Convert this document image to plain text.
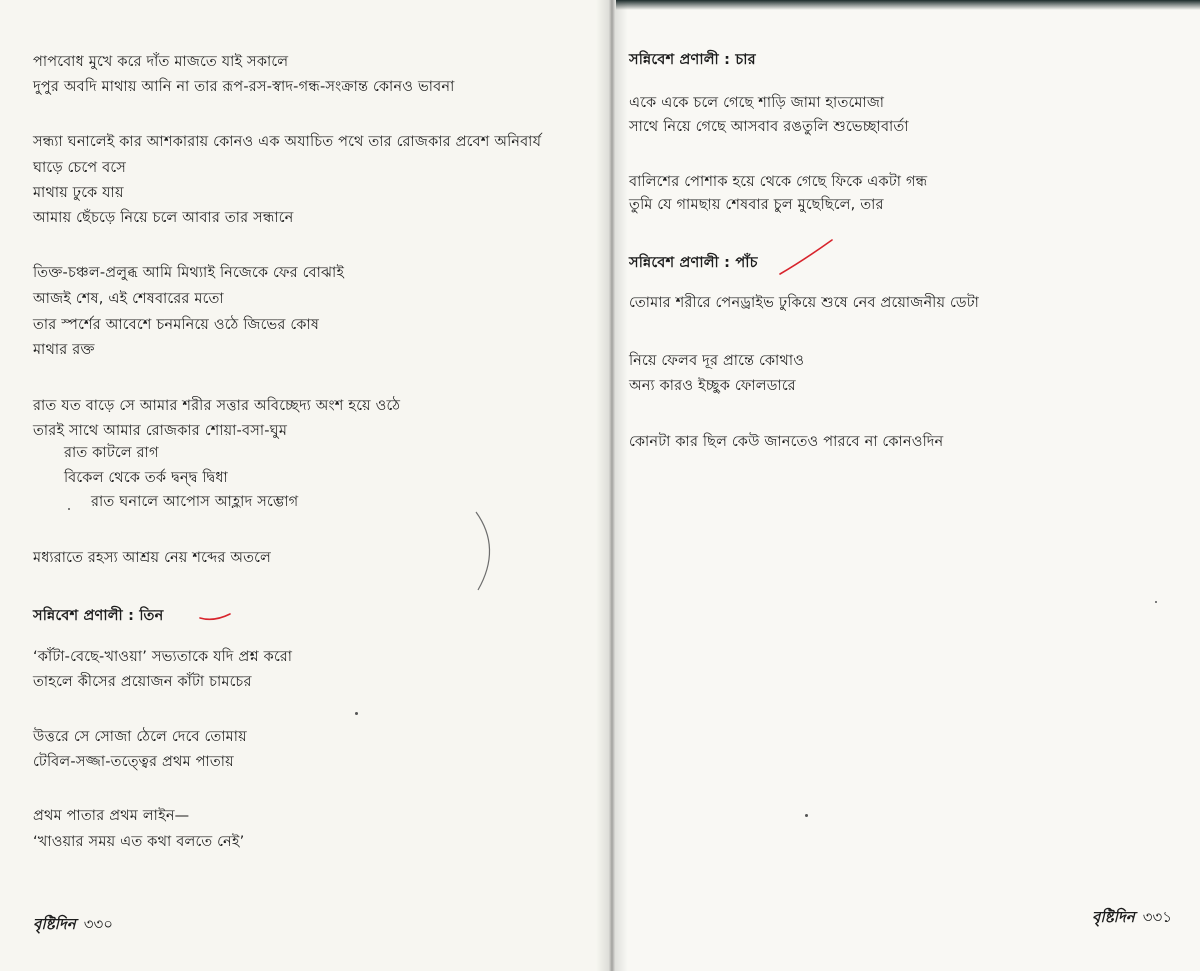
পাপবোধ মুখে করে দাঁত মাজতে যাই সকালে
দুপুর অবদি মাথায় আনি না তার রূপ-রস-স্বাদ-গন্ধ-সংক্রান্ত কোনও ভাবনা
সন্ধ্যা ঘনালেই কার আশকারায় কোনও এক অযাচিত পথে তার রোজকার প্রবেশ অনিবার্য
ঘাড়ে চেপে বসে
মাথায় ঢুকে যায়
আমায় ছেঁচড়ে নিয়ে চলে আবার তার সন্ধানে
তিক্ত-চঞ্চল-প্রলুব্ধ আমি মিথ্যাই নিজেকে ফের বোঝাই
আজই শেষ, এই শেষবারের মতো
তার স্পর্শের আবেশে চনমনিয়ে ওঠে জিভের কোষ
মাথার রক্ত
রাত যত বাড়ে সে আমার শরীর সত্তার অবিচ্ছেদ্য অংশ হয়ে ওঠে
তারই সাথে আমার রোজকার শোয়া-বসা-ঘুম
রাত কাটলে রাগ
বিকেল থেকে তর্ক দ্বন্দ্ব দ্বিধা
রাত ঘনালে আপোস আহ্লাদ সম্ভোগ
মধ্যরাতে রহস্য আশ্রয় নেয় শব্দের অতলে
সন্নিবেশ প্রণালী : তিন
‘কাঁটা-বেছে-খাওয়া’ সভ্যতাকে যদি প্রশ্ন করো
তাহলে কীসের প্রয়োজন কাঁটা চামচের
উত্তরে সে সোজা ঠেলে দেবে তোমায়
টেবিল-সজ্জা-তত্ত্বের প্রথম পাতায়
প্রথম পাতার প্রথম লাইন—
‘খাওয়ার সময় এত কথা বলতে নেই’
বৃষ্টিদিন ৩৩০
সন্নিবেশ প্রণালী : চার
একে একে চলে গেছে শাড়ি জামা হাতমোজা
সাথে নিয়ে গেছে আসবাব রঙতুলি শুভেচ্ছাবার্তা
বালিশের পোশাক হয়ে থেকে গেছে ফিকে একটা গন্ধ
তুমি যে গামছায় শেষবার চুল মুছেছিলে, তার
সন্নিবেশ প্রণালী : পাঁচ
তোমার শরীরে পেনড্রাইভ ঢুকিয়ে শুষে নেব প্রয়োজনীয় ডেটা
নিয়ে ফেলব দূর প্রান্তে কোথাও
অন্য কারও ইচ্ছুক ফোলডারে
কোনটা কার ছিল কেউ জানতেও পারবে না কোনওদিন
বৃষ্টিদিন ৩৩১
